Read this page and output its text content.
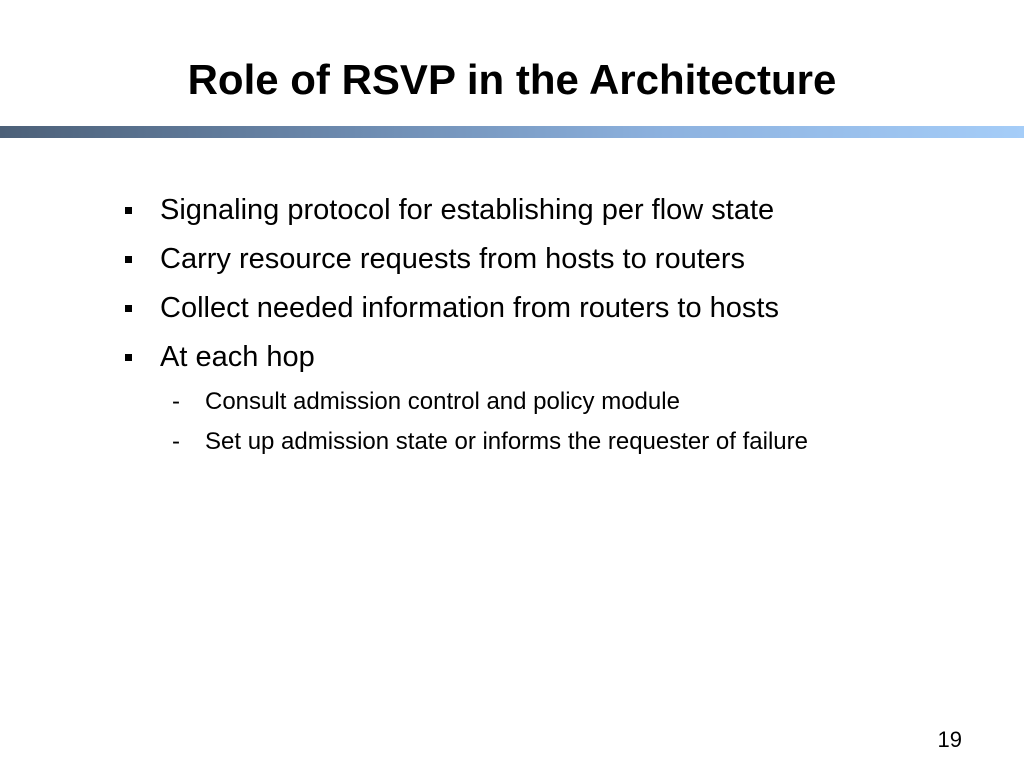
Role of RSVP in the Architecture
Signaling protocol for establishing per flow state
Carry resource requests from hosts to routers
Collect needed information from routers to hosts
At each hop
- Consult admission control and policy module
- Set up admission state or informs the requester of failure
19
